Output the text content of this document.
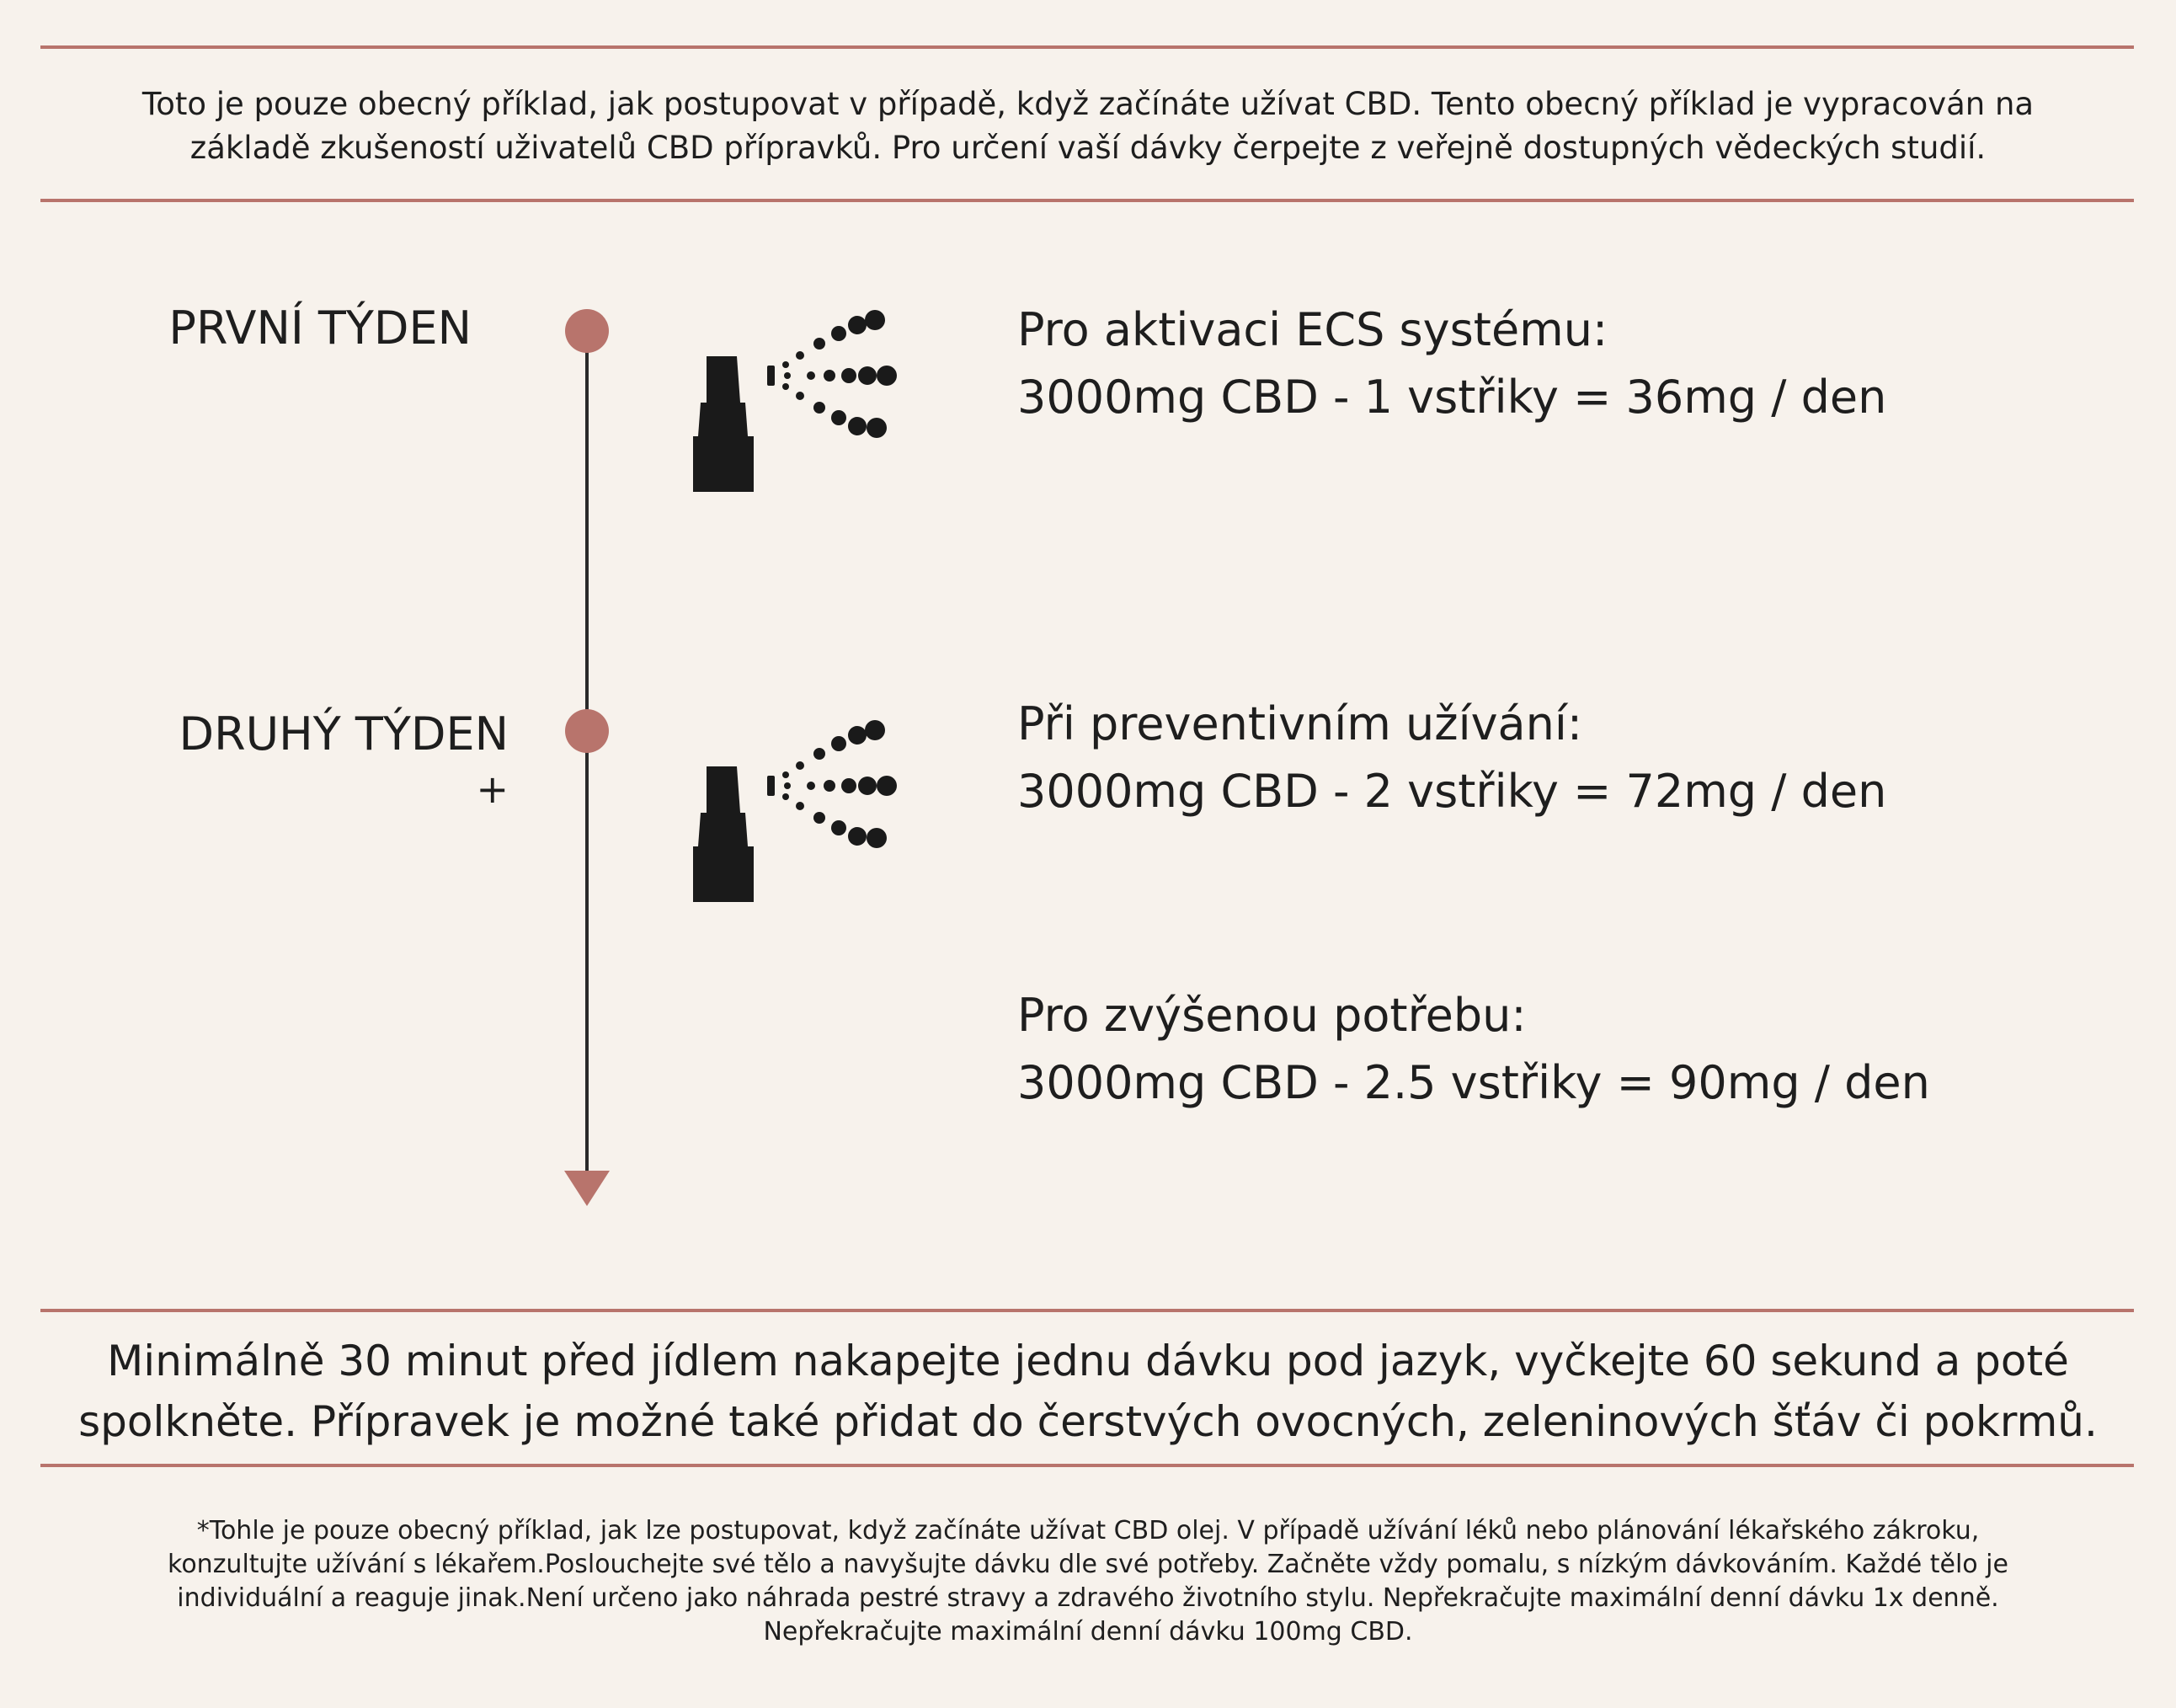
Toto je pouze obecný příklad, jak postupovat v případě, když začínáte užívat CBD. Tento obecný příklad je vypracován na
základě zkušeností uživatelů CBD přípravků. Pro určení vaší dávky čerpejte z veřejně dostupných vědeckých studií.

PRVNÍ TÝDEN
DRUHÝ TÝDEN
+
Pro aktivaci ECS systému:
3000mg CBD - 1 vstřiky = 36mg / den
Při preventivním užívání:
3000mg CBD - 2 vstřiky = 72mg / den
Pro zvýšenou potřebu:
3000mg CBD - 2.5 vstřiky = 90mg / den

Minimálně 30 minut před jídlem nakapejte jednu dávku pod jazyk, vyčkejte 60 sekund a poté
spolkněte. Přípravek je možné také přidat do čerstvých ovocných, zeleninových šťáv či pokrmů.

*Tohle je pouze obecný příklad, jak lze postupovat, když začínáte užívat CBD olej. V případě užívání léků nebo plánování lékařského zákroku,
konzultujte užívání s lékařem.Poslouchejte své tělo a navyšujte dávku dle své potřeby. Začněte vždy pomalu, s nízkým dávkováním. Každé tělo je
individuální a reaguje jinak.Není určeno jako náhrada pestré stravy a zdravého životního stylu. Nepřekračujte maximální denní dávku 1x denně.
Nepřekračujte maximální denní dávku 100mg CBD.
